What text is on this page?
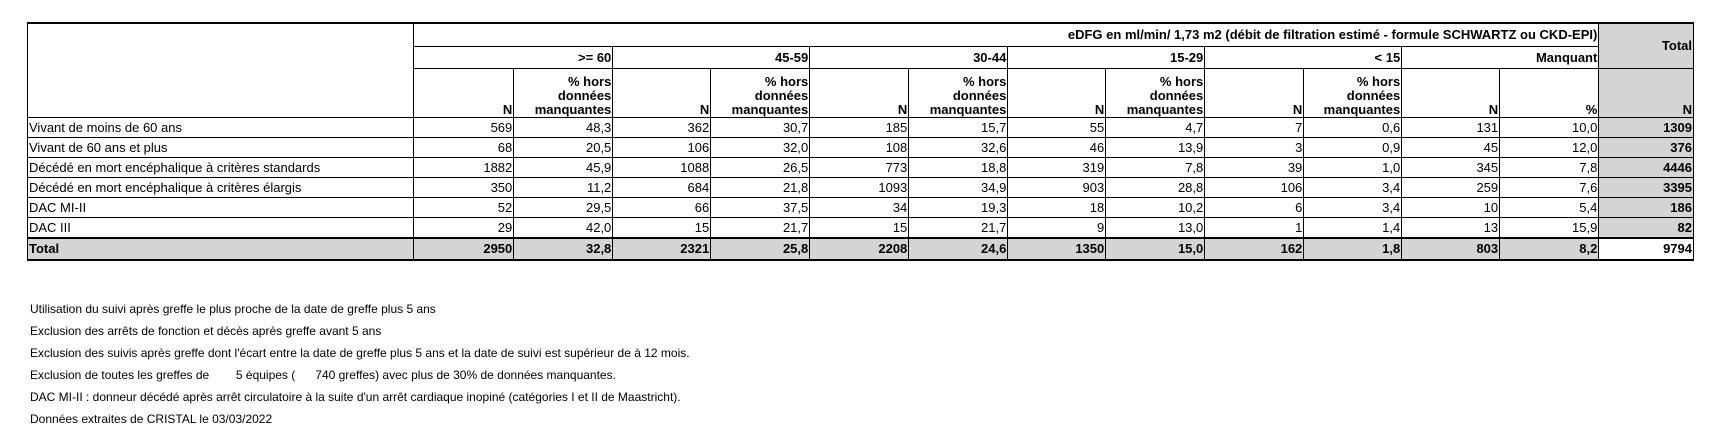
	eDFG en ml/min/ 1,73 m2 (débit de filtration estimé - formule SCHWARTZ ou CKD-EPI)												Total
	>= 60		45-59		30-44		15-29		< 15		Manquant		
	N	% hors données manquantes	N	% hors données manquantes	N	% hors données manquantes	N	% hors données manquantes	N	% hors données manquantes	N	%	N
Vivant de moins de 60 ans	569	48,3	362	30,7	185	15,7	55	4,7	7	0,6	131	10,0	1309
Vivant de 60 ans et plus	68	20,5	106	32,0	108	32,6	46	13,9	3	0,9	45	12,0	376
Décédé en mort encéphalique à critères standards	1882	45,9	1088	26,5	773	18,8	319	7,8	39	1,0	345	7,8	4446
Décédé en mort encéphalique à critères élargis	350	11,2	684	21,8	1093	34,9	903	28,8	106	3,4	259	7,6	3395
DAC MI-II	52	29,5	66	37,5	34	19,3	18	10,2	6	3,4	10	5,4	186
DAC III	29	42,0	15	21,7	15	21,7	9	13,0	1	1,4	13	15,9	82
Total	2950	32,8	2321	25,8	2208	24,6	1350	15,0	162	1,8	803	8,2	9794
Utilisation du suivi après greffe le plus proche de la date de greffe plus 5 ans
Exclusion des arrêts de fonction et décès après greffe avant 5 ans
Exclusion des suivis après greffe dont l'écart entre la date de greffe plus 5 ans et la date de suivi est supérieur de à 12 mois.
Exclusion de toutes les greffes de        5 équipes (      740 greffes) avec plus de 30% de données manquantes.
DAC MI-II : donneur décédé après arrêt circulatoire à la suite d'un arrêt cardiaque inopiné (catégories I et II de Maastricht).
Données extraites de CRISTAL le 03/03/2022
